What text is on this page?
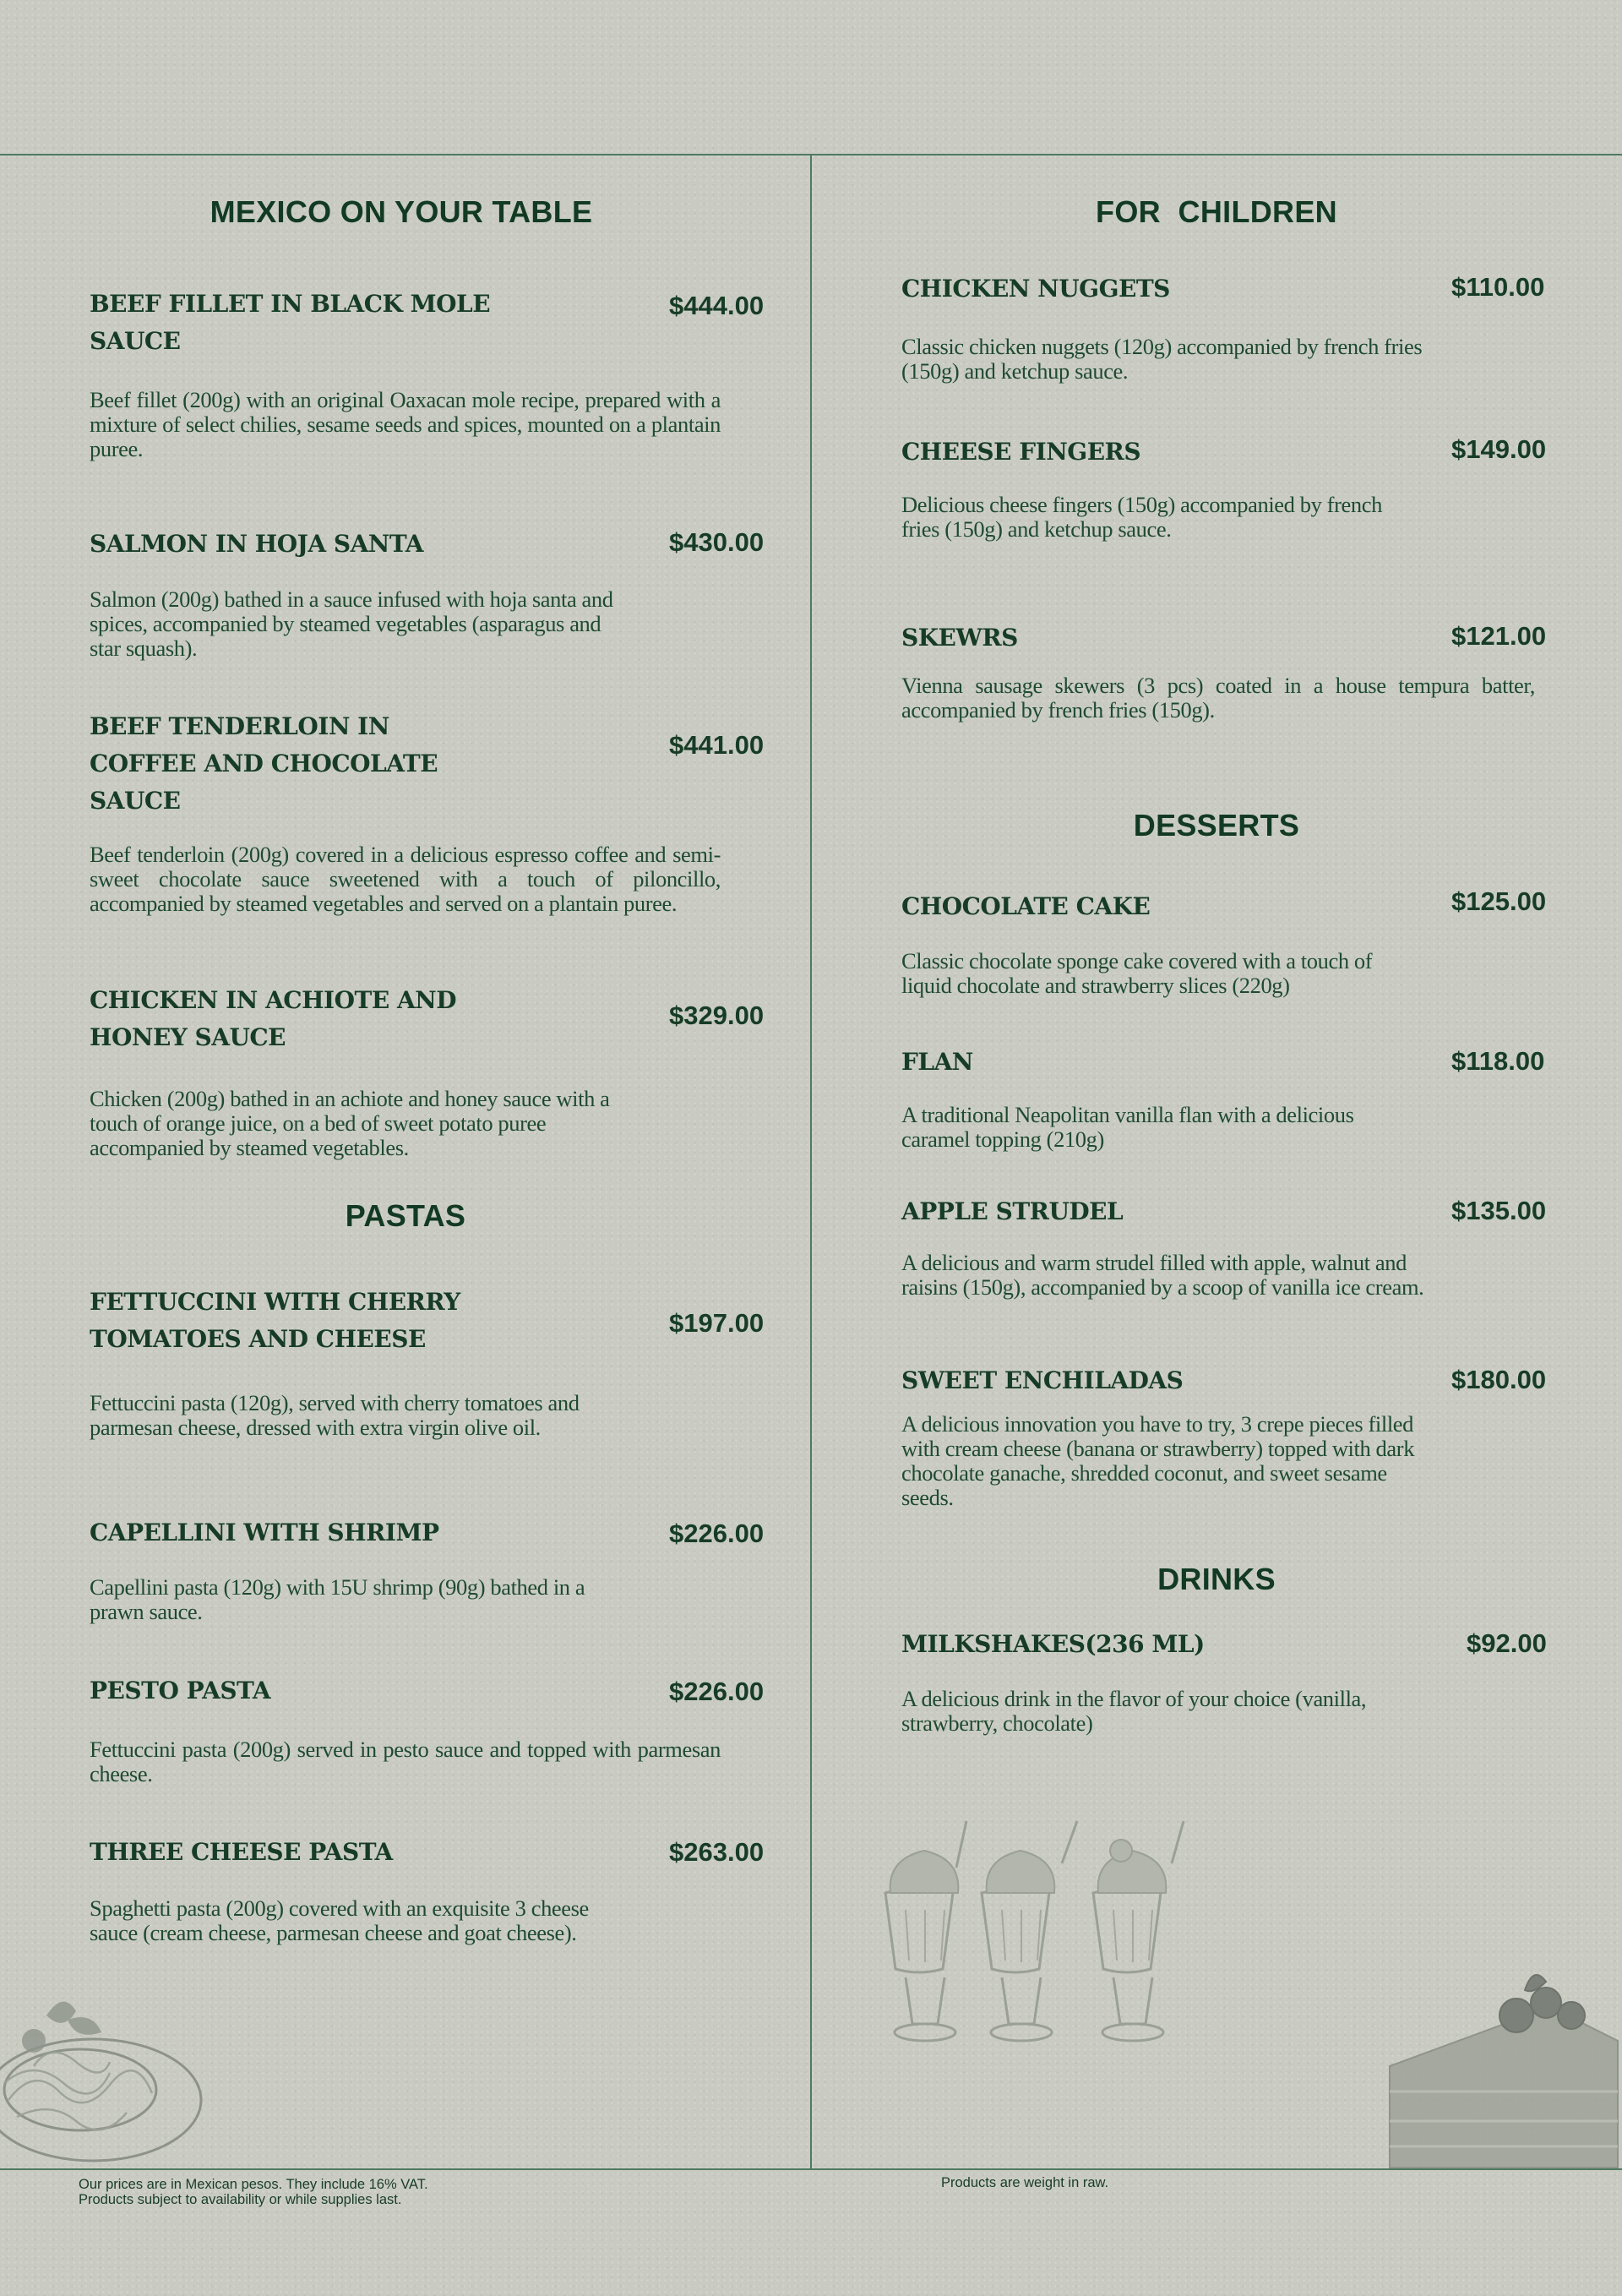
MEXICO ON YOUR TABLE
BEEF FILLET IN BLACK MOLE SAUCE
$444.00

Beef fillet (200g) with an original Oaxacan mole recipe, prepared with a mixture of select chilies, sesame seeds and spices, mounted on a plantain puree.

SALMON IN HOJA SANTA	$430.00

Salmon (200g) bathed in a sauce infused with hoja santa and spices, accompanied by steamed vegetables (asparagus and star squash).

BEEF TENDERLOIN IN COFFEE AND CHOCOLATE SAUCE
$441.00

Beef tenderloin (200g) covered in a delicious espresso coffee and semi-sweet chocolate sauce sweetened with a touch of piloncillo, accompanied by steamed vegetables and served on a plantain puree.

CHICKEN IN ACHIOTE AND HONEY SAUCE
$329.00

Chicken (200g) bathed in an achiote and honey sauce with a touch of orange juice, on a bed of sweet potato puree accompanied by steamed vegetables.

PASTAS
FETTUCCINI WITH CHERRY TOMATOES AND CHEESE
$197.00

Fettuccini pasta (120g), served with cherry tomatoes and parmesan cheese, dressed with extra virgin olive oil.

CAPELLINI WITH SHRIMP	$226.00

Capellini pasta (120g) with 15U shrimp (90g) bathed in a prawn sauce.

PESTO PASTA	$226.00

Fettuccini pasta (200g) served in pesto sauce and topped with parmesan cheese.

THREE CHEESE PASTA	$263.00

Spaghetti pasta (200g) covered with an exquisite 3 cheese sauce (cream cheese, parmesan cheese and goat cheese).

FOR  CHILDREN
CHICKEN NUGGETS	$110.00

Classic chicken nuggets (120g) accompanied by french fries (150g) and ketchup sauce.

CHEESE FINGERS	$149.00

Delicious cheese fingers (150g) accompanied by french fries (150g) and ketchup sauce.

SKEWRS	$121.00

Vienna sausage skewers (3 pcs) coated in a house tempura batter, accompanied by french fries (150g).

DESSERTS
CHOCOLATE CAKE	$125.00

Classic chocolate sponge cake covered with a touch of liquid chocolate and strawberry slices (220g)

FLAN	$118.00

A traditional Neapolitan vanilla flan with a delicious caramel topping (210g)

APPLE STRUDEL	$135.00

A delicious and warm strudel filled with apple, walnut and raisins (150g), accompanied by a scoop of vanilla ice cream.

SWEET ENCHILADAS	$180.00

A delicious innovation you have to try, 3 crepe pieces filled with cream cheese (banana or strawberry) topped with dark chocolate ganache, shredded coconut, and sweet sesame seeds.

DRINKS
MILKSHAKES(236 ML)	$92.00

A delicious drink in the flavor of your choice (vanilla, strawberry, chocolate)

Our prices are in Mexican pesos. They include 16% VAT.

Products subject to availability or while supplies last.

Products are weight in raw.
